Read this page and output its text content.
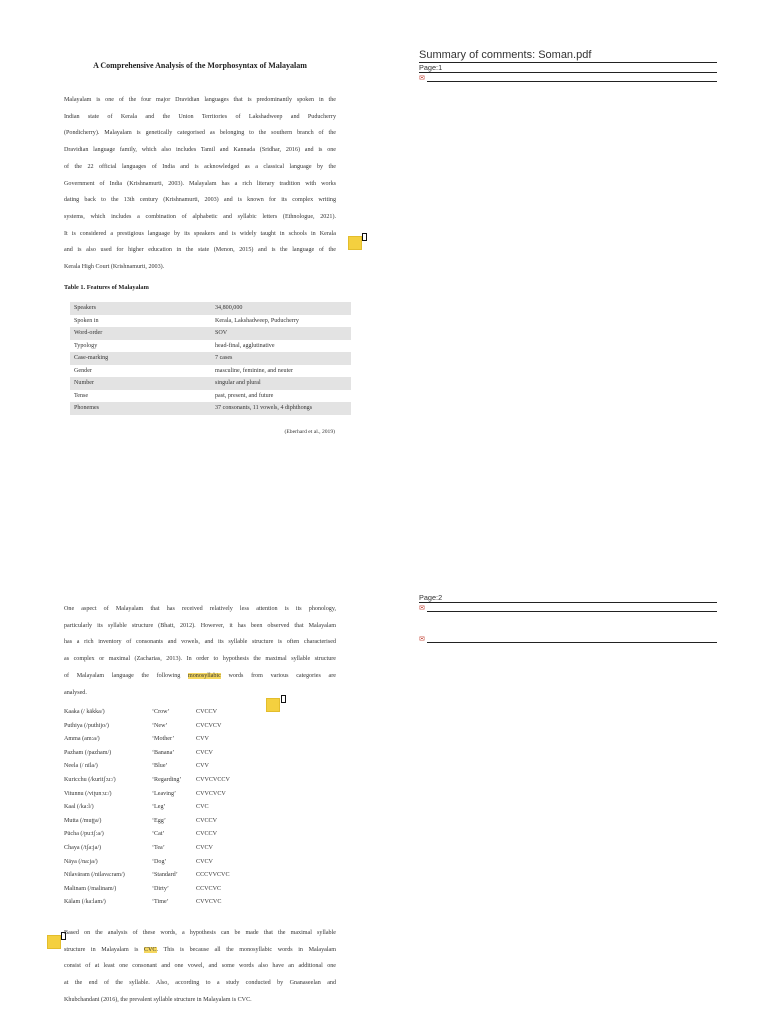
A Comprehensive Analysis of the Morphosyntax of Malayalam
Malayalam is one of the four major Dravidian languages that is predominantly spoken in the
Indian state of Kerala and the Union Territories of Lakshadweep and Puducherry
(Pondicherry). Malayalam is genetically categorised as belonging to the southern branch of the
Dravidian language family, which also includes Tamil and Kannada (Sridhar, 2016) and is one
of the 22 official languages of India and is acknowledged as a classical language by the
Government of India (Krishnamurti, 2003). Malayalam has a rich literary tradition with works
dating back to the 13th century (Krishnamurti, 2003) and is known for its complex writing
systems, which includes a combination of alphabetic and syllabic letters (Ethnologue, 2021).
It is considered a prestigious language by its speakers and is widely taught in schools in Kerala
and is also used for higher education in the state (Menon, 2015) and is the language of the
Kerala High Court (Krishnamurti, 2003).
Table 1. Features of Malayalam
Speakers	34,800,000
Spoken in	Kerala, Lakshadweep, Puducherry
Word-order	SOV
Typology	head-final, agglutinative
Case-marking	7 cases
Gender	masculine, feminine, and neuter
Number	singular and plural
Tense	past, present, and future
Phonemes	37 consonants, 11 vowels, 4 diphthongs
(Eberhard et al., 2019)
One aspect of Malayalam that has received relatively less attention is its phonology,
particularly its syllable structure (Bhatt, 2012). However, it has been observed that Malayalam
has a rich inventory of consonants and vowels, and its syllable structure is often characterised
as complex or maximal (Zacharias, 2013). In order to hypothesis the maximal syllable structure
of Malayalam language the following monosyllabic words from various categories are
analysed.
Kaaka (/ kākka/)	‘Crow’	CVCCV
Puthiya (/puthijo/)	‘New’	CVCVCV
Amma (am:a/)	‘Mother’	CVV
Pazham (/pazham/)	‘Banana’	CVCV
Neela (/ nīla/)	‘Blue’	CVV
Kuricchu (/kuritʃ:u:/)	‘Regarding’ CVVCVCCV
Vitunnu (/viʈunːu:/)	‘Leaving’	CVVCVCV
Kaal (/ka:l/)	‘Leg’	CVC
Mutta (/muʈʈa/)	‘Egg’	CVCCV
Pūcha (/pu:tʃ:a/)	‘Cat’	CVCCV
Chaya (/tʃa:ja/)	‘Tea’	CVCV
Nāya (/na:ja/)	‘Dog’	CVCV
Nilavāram (/nilava:ram/)	‘Standard’	CCCVVCVC
Malinam (/malinam/)	‘Dirty’	CCVCVC
Kālam (/ka:lam/)	‘Time’	CVVCVC
Based on the analysis of these words, a hypothesis can be made that the maximal syllable
structure in Malayalam is CVC. This is because all the monosyllabic words in Malayalam
consist of at least one consonant and one vowel, and some words also have an additional one
at the end of the syllable. Also, according to a study conducted by Gnanaseelan and
Khubchandani (2016), the prevalent syllable structure in Malayalam is CVC.
Summary of comments: Soman.pdf
Page:1
✉
Page:2
✉
✉
